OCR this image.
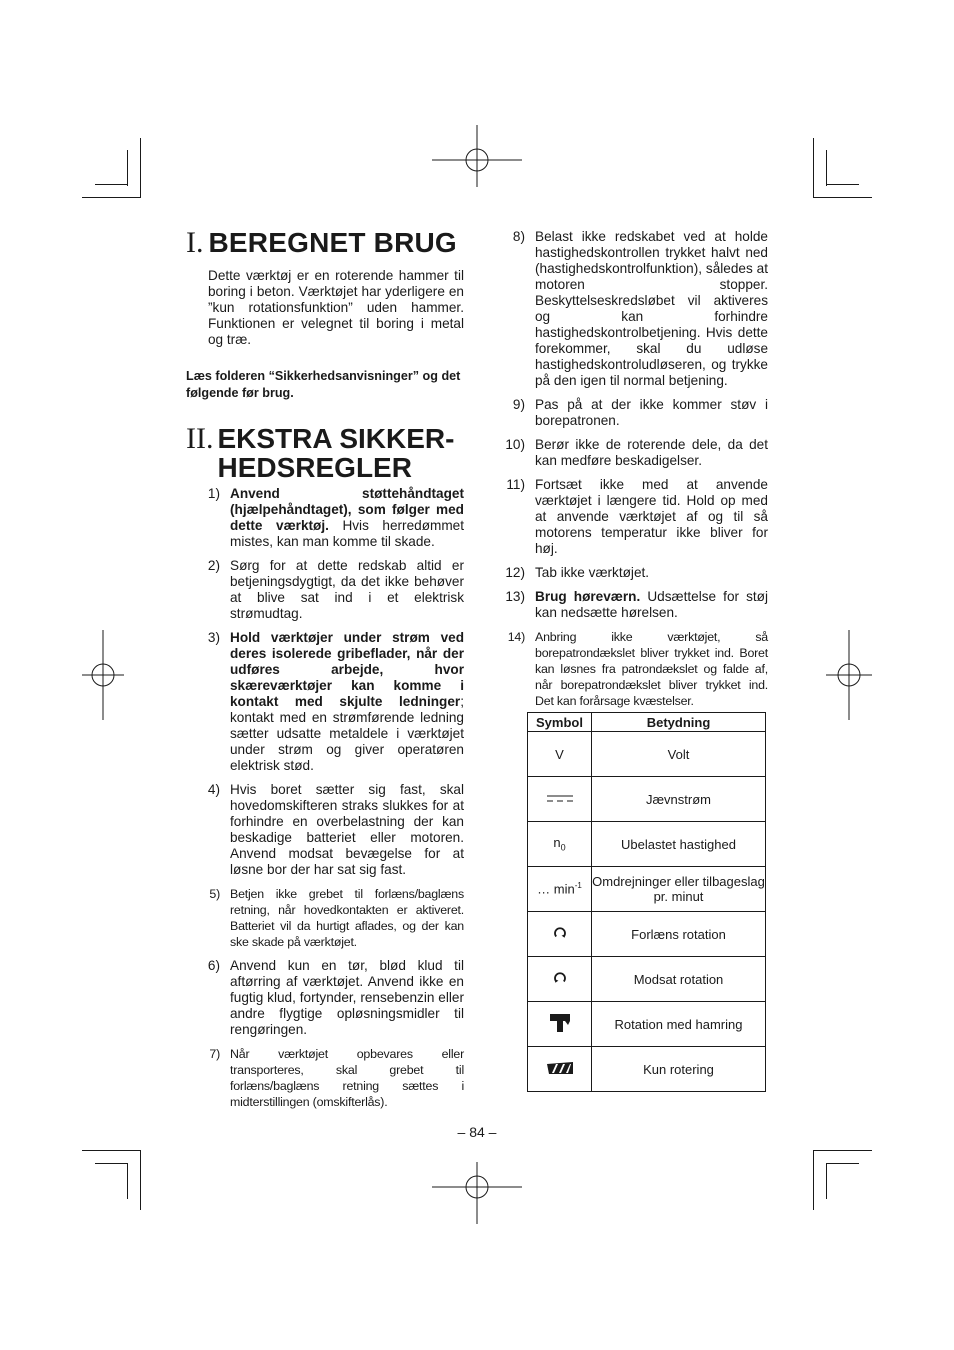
I. BEREGNET BRUG

Dette værktøj er en roterende hammer til boring i beton. Værktøjet har yderligere en ”kun rotationsfunktion” uden hammer. Funktionen er velegnet til boring i metal og træ.

Læs folderen “Sikkerhedsanvisninger” og det følgende før brug.

II. EKSTRA SIKKER-
HEDSREGLER
1) Anvend støttehåndtaget (hjælpehåndtaget), som følger med dette værktøj. Hvis herredømmet mistes, kan man komme til skade.
2) Sørg for at dette redskab altid er betjeningsdygtigt, da det ikke behøver at blive sat ind i et elektrisk strømudtag.
3) Hold værktøjer under strøm ved deres isolerede gribeflader, når der udføres arbejde, hvor skæreværktøjer kan komme i kontakt med skjulte ledninger; kontakt med en strømførende ledning sætter udsatte metaldele i værktøjet under strøm og giver operatøren elektrisk stød.
4) Hvis boret sætter sig fast, skal hovedomskifteren straks slukkes for at forhindre en overbelastning der kan beskadige batteriet eller motoren. Anvend modsat bevægelse for at løsne bor der har sat sig fast.
5) Betjen ikke grebet til forlæns/baglæns retning, når hovedkontakten er aktiveret. Batteriet vil da hurtigt aflades, og der kan ske skade på værktøjet.
6) Anvend kun en tør, blød klud til aftørring af værktøjet. Anvend ikke en fugtig klud, fortynder, rensebenzin eller andre flygtige opløsningsmidler til rengøringen.
7) Når værktøjet opbevares eller transporteres, skal grebet til forlæns/baglæns retning sættes i midterstillingen (omskifterlås).
8) Belast ikke redskabet ved at holde hastighedskontrollen trykket halvt ned (hastighedskontrolfunktion), således at motoren stopper. Beskyttelseskredsløbet vil aktiveres og kan forhindre hastighedskontrolbetjening. Hvis dette forekommer, skal du udløse hastighedskontroludløseren, og trykke på den igen til normal betjening.
9) Pas på at der ikke kommer støv i borepatronen.
10) Berør ikke de roterende dele, da det kan medføre beskadigelser.
11) Fortsæt ikke med at anvende værktøjet i længere tid. Hold op med at anvende værktøjet af og til så motorens temperatur ikke bliver for høj.
12) Tab ikke værktøjet.
13) Brug høreværn. Udsættelse for støj kan nedsætte hørelsen.
14) Anbring ikke værktøjet, så borepatrondækslet bliver trykket ind. Boret kan løsnes fra patrondækslet og falde af, når borepatrondækslet bliver trykket ind. Det kan forårsage kvæstelser.
Symbol	Betydning
V	Volt
	Jævnstrøm
$n_0$	Ubelastet hastighed
… $\min^{-1}$	Omdrejninger eller tilbageslag pr. minut
	Forlæns rotation
	Modsat rotation
	Rotation med hamring
	Kun rotering
– 84 –
